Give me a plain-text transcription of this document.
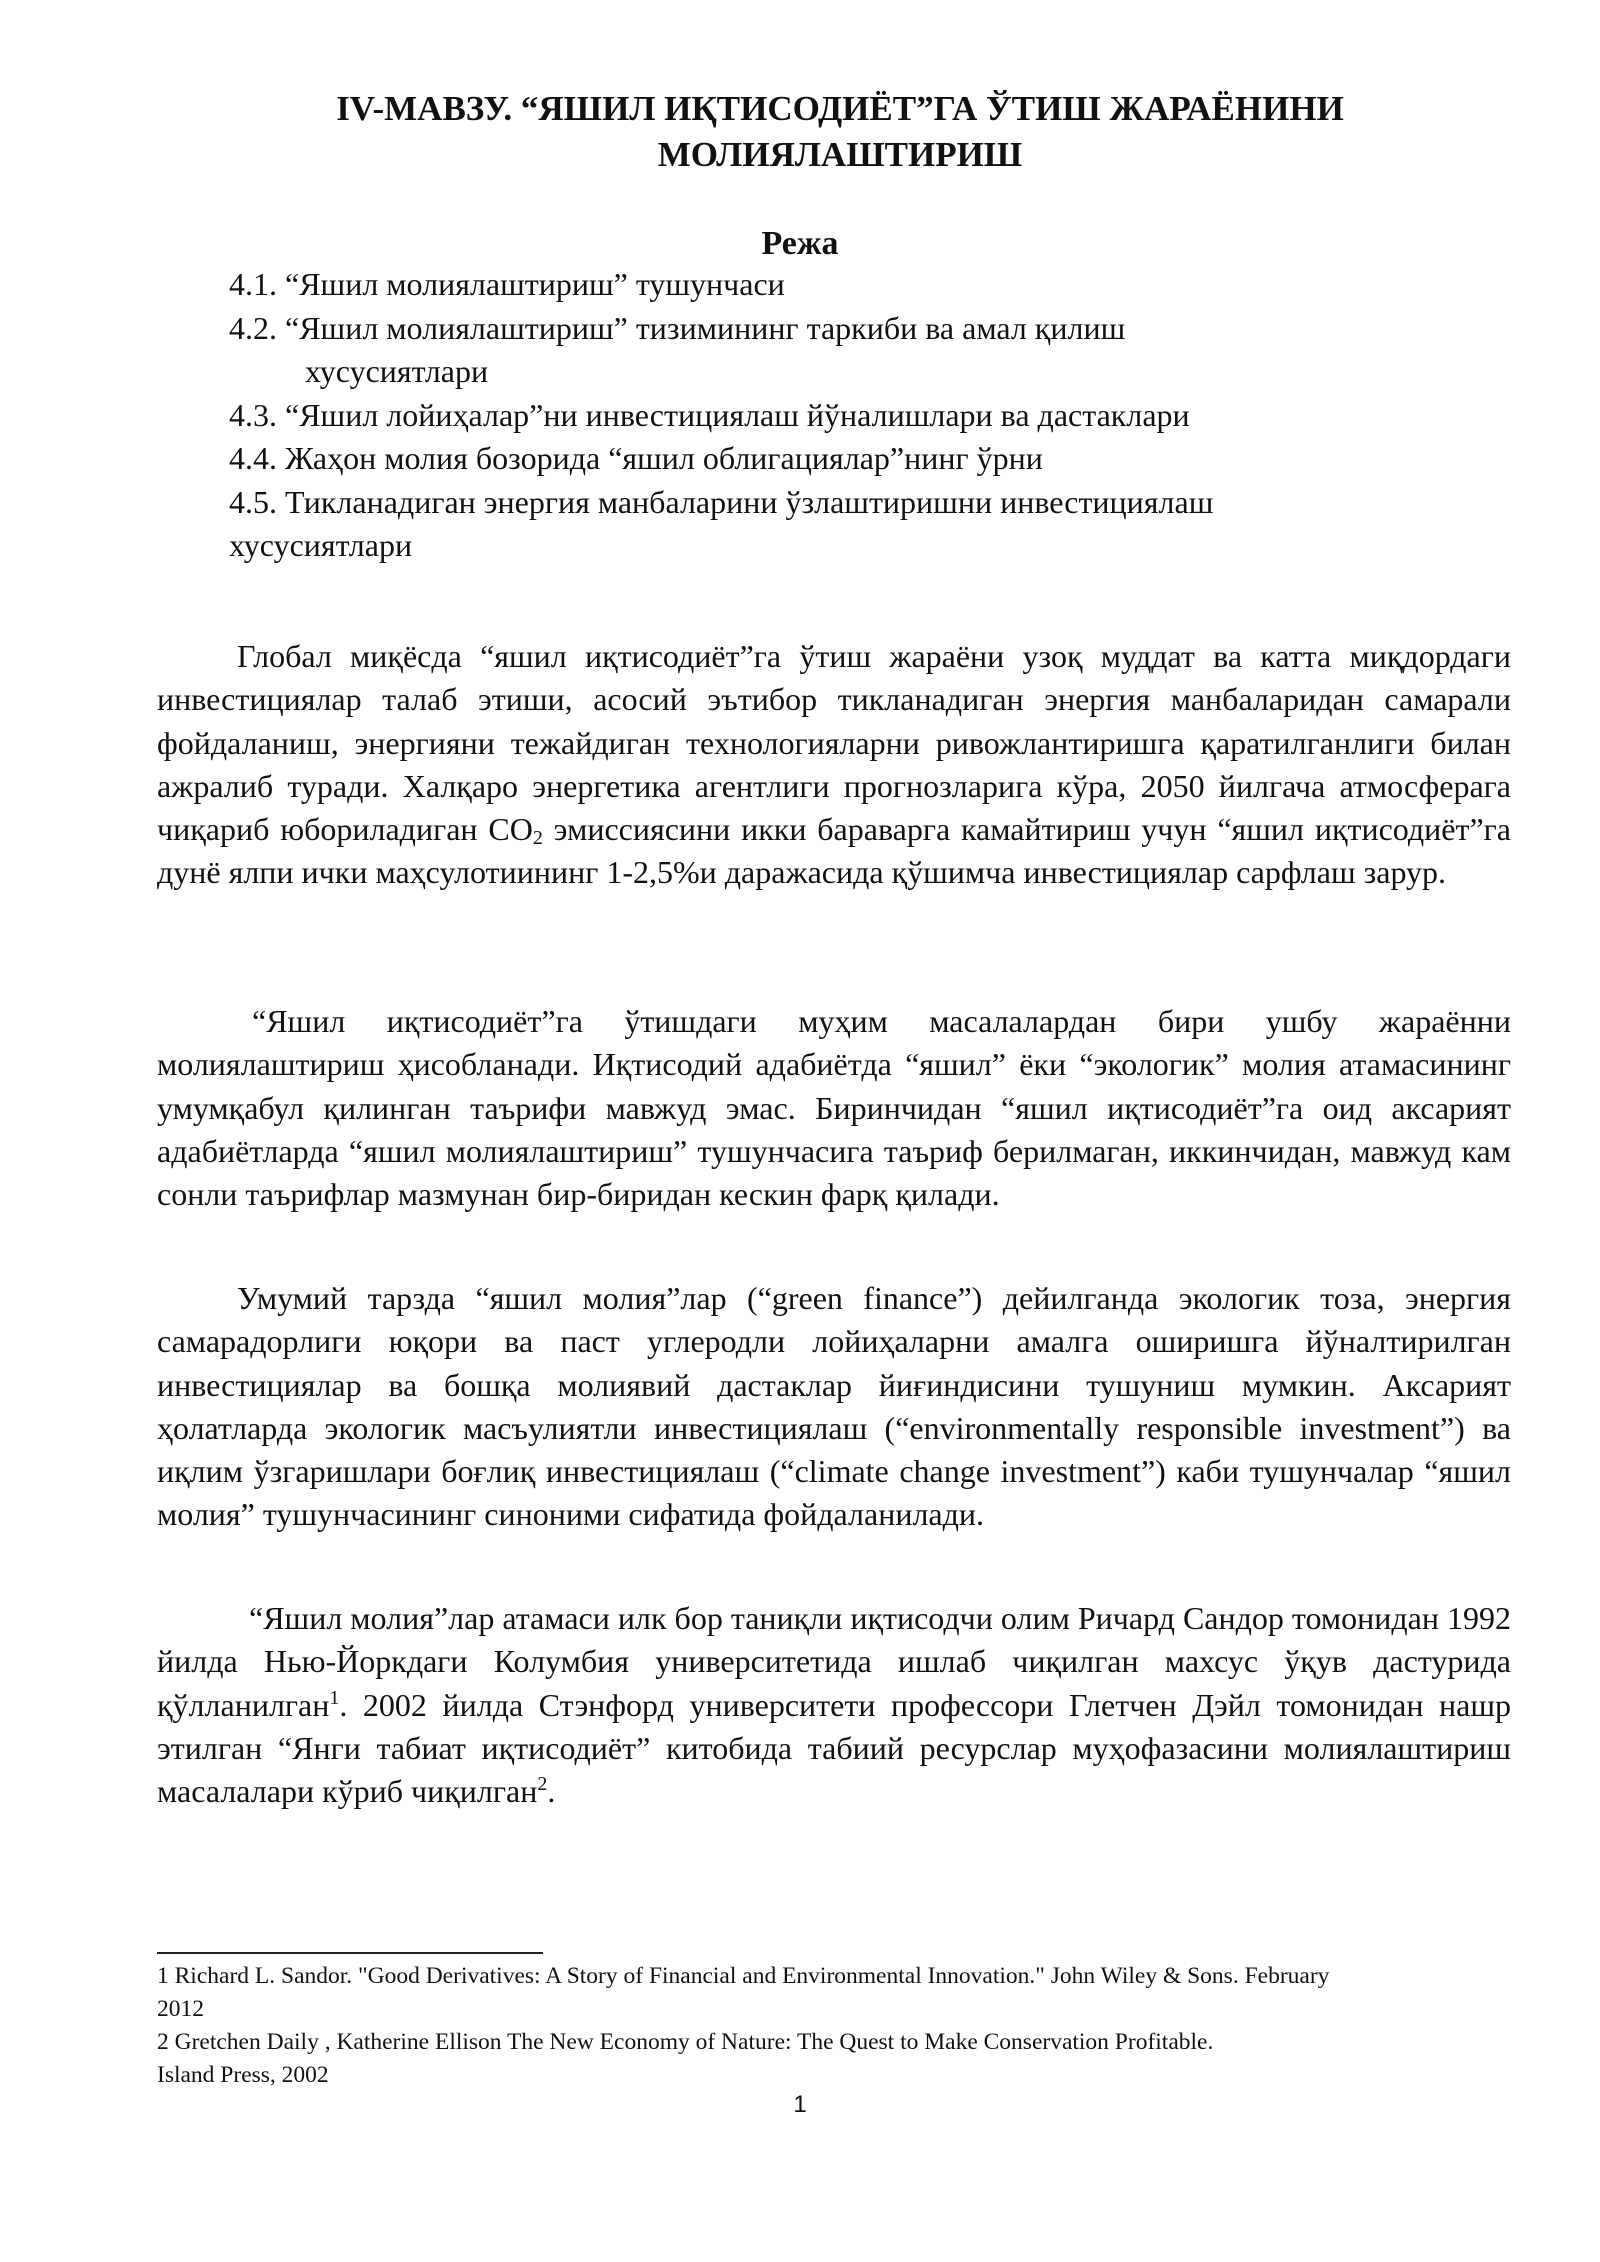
IV-МАВЗУ. “ЯШИЛ ИҚТИСОДИЁТ”ГА ЎТИШ ЖАРАЁНИНИ
МОЛИЯЛАШТИРИШ
Режа
4.1. “Яшил молиялаштириш” тушунчаси
4.2. “Яшил молиялаштириш” тизимининг таркиби ва амал қилиш
хусусиятлари
4.3. “Яшил лойиҳалар”ни инвестициялаш йўналишлари ва дастаклари
4.4. Жаҳон молия бозорида “яшил облигациялар”нинг ўрни
4.5. Тикланадиган энергия манбаларини ўзлаштиришни инвестициялаш хусусиятлари

Глобал миқёсда “яшил иқтисодиёт”га ўтиш жараёни узоқ муддат ва катта миқдордаги инвестициялар талаб этиши, асосий эътибор тикланадиган энергия манбаларидан самарали фойдаланиш, энергияни тежайдиган технологияларни ривожлантиришга қаратилганлиги билан ажралиб туради. Халқаро энергетика агентлиги прогнозларига кўра, 2050 йилгача атмосферага чиқариб юбориладиган $CO_2$ эмиссиясини икки бараварга камайтириш учун “яшил иқтисодиёт”га дунё ялпи ички маҳсулотиининг 1-2,5%и даражасида қўшимча инвестициялар сарфлаш зарур.

“Яшил иқтисодиёт”га ўтишдаги муҳим масалалардан бири ушбу жараённи молиялаштириш ҳисобланади. Иқтисодий адабиётда “яшил” ёки “экологик” молия атамасининг умумқабул қилинган таърифи мавжуд эмас. Биринчидан “яшил иқтисодиёт”га оид аксарият адабиётларда “яшил молиялаштириш” тушунчасига таъриф берилмаган, иккинчидан, мавжуд кам сонли таърифлар мазмунан бир-биридан кескин фарқ қилади.

Умумий тарзда “яшил молия”лар (“green finance”) дейилганда экологик тоза, энергия самарадорлиги юқори ва паст углеродли лойиҳаларни амалга оширишга йўналтирилган инвестициялар ва бошқа молиявий дастаклар йиғиндисини тушуниш мумкин. Аксарият ҳолатларда экологик масъулиятли инвестициялаш (“environmentally responsible investment”) ва иқлим ўзгаришлари боғлиқ инвестициялаш (“climate change investment”) каби тушунчалар “яшил молия” тушунчасининг синоними сифатида фойдаланилади.

“Яшил молия”лар атамаси илк бор таниқли иқтисодчи олим Ричард Сандор томонидан 1992 йилда Нью-Йоркдаги Колумбия университетида ишлаб чиқилган махсус ўқув дастурида қўлланилган$^1$. 2002 йилда Стэнфорд университети профессори Глетчен Дэйл томонидан нашр этилган “Янги табиат иқтисодиёт” китобида табиий ресурслар муҳофазасини молиялаштириш масалалари кўриб чиқилган$^2$.

1 Richard L. Sandor. "Good Derivatives: A Story of Financial and Environmental Innovation." John Wiley & Sons. February

2012

2 Gretchen Daily , Katherine Ellison The New Economy of Nature: The Quest to Make Conservation Profitable.

Island Press, 2002

1
